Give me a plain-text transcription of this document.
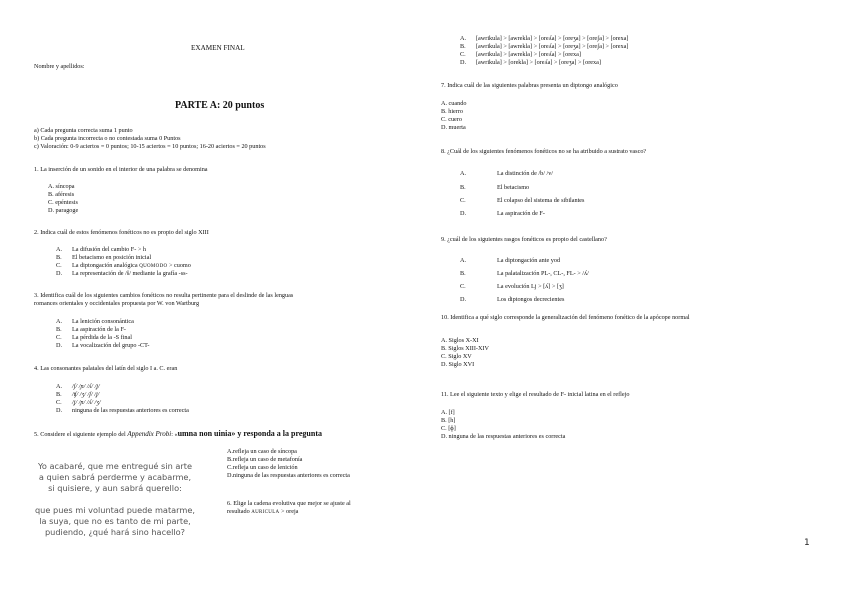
EXAMEN FINAL
Nombre y apellidos:
PARTE A: 20 puntos
a) Cada pregunta correcta suma 1 punto
b) Cada pregunta incorrecta o no contestada suma 0 Puntos
c) Valoración: 0-9 aciertos = 0 puntos; 10-15 aciertos = 10 puntos; 16-20 aciertos = 20 puntos
1. La inserción de un sonido en el interior de una palabra se denomina
A. síncopa
B. aféresis
C. epéntesis
D. paragoge
2. Indica cuál de estos fenómenos fonéticos no es propio del siglo XIII
A. La difusión del cambio F- > h
B. El betacismo en posición inicial
C. La diptongación analógica QUOMODO > cuomo
D. La representación de /š/ mediante la grafía -ss-
3. Identifica cuál de los siguientes cambios fonéticos no resulta pertinente para el deslinde de las lenguas
romances orientales y occidentales propuesta por W. von Wartburg
A. La lenición consonántica
B. La aspiración de la F-
C. La pérdida de la -S final
D. La vocalización del grupo -CT-
4. Las consonantes palatales del latín del siglo I a. C. eran
A. /ʃ/ /ɲ/ /ʎ/ /ʝ/
B. /ʧ/ /ʒ/ /ʃ/ /ʝ/
C. /ʝ/ /ɲ/ /ʎ/ /ʒ/
D. ninguna de las respuestas anteriores es correcta
5. Considere el siguiente ejemplo del Appendix Probi: «umna non uinia» y responda a la pregunta
A.refleja un caso de síncopa
B.refleja un caso de metafonía
C.refleja un caso de lenición
D.ninguna de las respuestas anteriores es correcta
Yo acabaré, que me entregué sin arte
a quien sabrá perderme y acabarme,
si quisiere, y aun sabrá querello:
que pues mi voluntad puede matarme,
la suya, que no es tanto de mi parte,
pudiendo, ¿qué hará sino hacello?
6. Elige la cadena evolutiva que mejor se ajuste al
resultado AURICULA > oreja
A. [awrikula] > [awrekla] > [oreʎa] > [oreʒa] > [oreʃa] > [orexa]
B. [awrikula] > [awrekla] > [oreʎa] > [oreʒa] > [oreʃa] > [orexa]
C. [awrikula] > [awrekla] > [oreʎa] > [orexa]
D. [awrikula] > [orekla] > [oreʎa] > [oreʒa] > [orexa]
7. Indica cuál de las siguientes palabras presenta un diptongo analógico
A. cuando
B. hierro
C. cuero
D. muerta
8. ¿Cuál de los siguientes fenómenos fonéticos no se ha atribuido a sustrato vasco?
A.	La distinción de /b/ /v/
B.	El betacismo
C.	El colapso del sistema de sibilantes
D.	La aspiración de F-
9. ¿cuál de los siguientes rasgos fonéticos es propio del castellano?
A.	La diptongación ante yod
B.	La palatalización PL-, CL-, FL- > /ʎ/
C.	La evolución Lj > [ʎ] > [ʒ]
D.	Los diptongos decrecientes
10. Identifica a qué siglo corresponde la generalización del fenómeno fonético de la apócope normal
A. Siglos X-XI
B. Siglos XIII-XIV
C. Siglo XV
D. Siglo XVI
11. Lee el siguiente texto y elige el resultado de F- inicial latina en el reflejo
A. [f]
B. [h]
C. [ɸ]
D. ninguna de las respuestas anteriores es correcta
1
